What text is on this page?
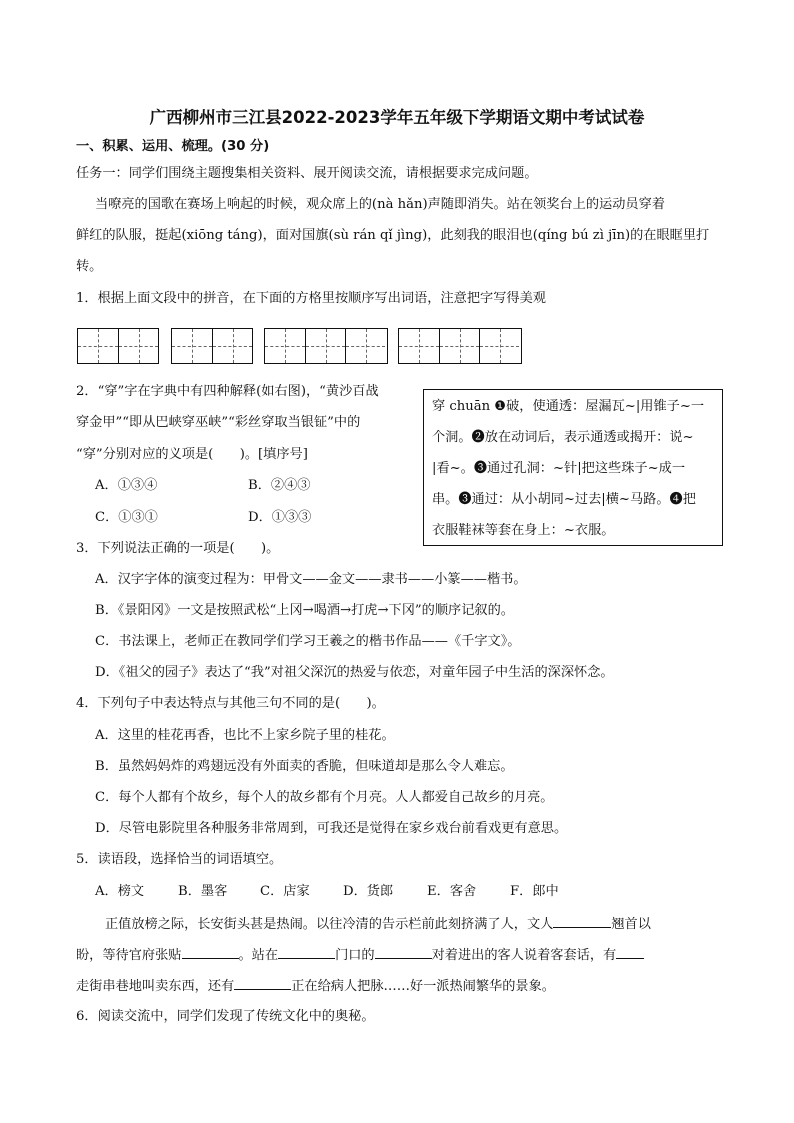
广西柳州市三江县2022-2023学年五年级下学期语文期中考试试卷
一、积累、运用、梳理。(30 分)
任务一：同学们围绕主题搜集相关资料、展开阅读交流，请根据要求完成问题。
当嘹亮的国歌在赛场上响起的时候，观众席上的(nà hǎn)声随即消失。站在领奖台上的运动员穿着
鲜红的队服，挺起(xiōng táng)，面对国旗(sù rán qǐ jìng)，此刻我的眼泪也(qíng bú zì jīn)的在眼眶里打
转。
1．根据上面文段中的拼音，在下面的方格里按顺序写出词语，注意把字写得美观
2．“穿”字在字典中有四种解释(如右图)，“黄沙百战
穿金甲”“即从巴峡穿巫峡”“彩丝穿取当银钲”中的
“穿”分别对应的义项是(　　)。[填序号]
A．①③④	B．②④③
C．①③①	D．①③③
穿 chuān ❶破，使通透：屋漏瓦~|用锥子~一
个洞。❷放在动词后，表示通透或揭开：说~
|看~。❸通过孔洞：~针|把这些珠子~成一
串。❸通过：从小胡同~过去|横~马路。❹把
衣服鞋袜等套在身上：~衣服。
3．下列说法正确的一项是(　　)。
A．汉字字体的演变过程为：甲骨文——金文——隶书——小篆——楷书。
B．《景阳冈》一文是按照武松“上冈→喝酒→打虎→下冈”的顺序记叙的。
C．书法课上，老师正在教同学们学习王羲之的楷书作品——《千字文》。
D．《祖父的园子》表达了“我”对祖父深沉的热爱与依恋，对童年园子中生活的深深怀念。
4．下列句子中表达特点与其他三句不同的是(　　)。
A．这里的桂花再香，也比不上家乡院子里的桂花。
B．虽然妈妈炸的鸡翅远没有外面卖的香脆，但味道却是那么令人难忘。
C．每个人都有个故乡，每个人的故乡都有个月亮。人人都爱自己故乡的月亮。
D．尽管电影院里各种服务非常周到，可我还是觉得在家乡戏台前看戏更有意思。
5．读语段，选择恰当的词语填空。
A．榜文	B．墨客 C．店家	D．货郎	E．客舍	F．郎中
正值放榜之际，长安街头甚是热闹。以往冷清的告示栏前此刻挤满了人，文人	翘首以
盼，等待官府张贴	。站在	门口的	对着进出的客人说着客套话，有
走街串巷地叫卖东西，还有	正在给病人把脉……好一派热闹繁华的景象。
6．阅读交流中，同学们发现了传统文化中的奥秘。
